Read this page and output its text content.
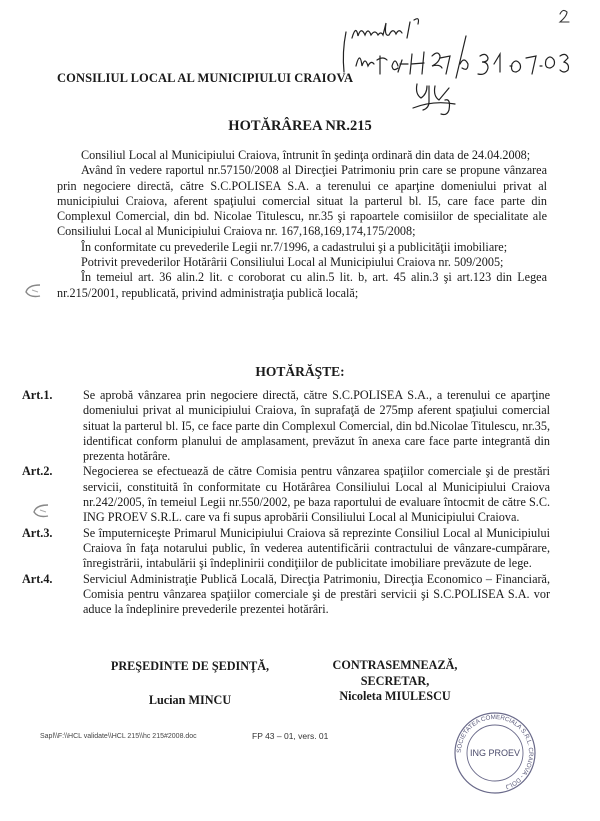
CONSILIUL LOCAL AL MUNICIPIULUI CRAIOVA
HOTĂRÂREA NR.215

Consiliul Local al Municipiului Craiova, întrunit în şedinţa ordinară din data de 24.04.2008;

Având în vedere raportul nr.57150/2008 al Direcţiei Patrimoniu prin care se propune vânzarea prin negociere directă, către S.C.POLISEA S.A. a terenului ce aparţine domeniului privat al municipiului Craiova, aferent spaţiului comercial situat la parterul bl. I5, care face parte din Complexul Comercial, din bd. Nicolae Titulescu, nr.35 şi rapoartele comisiilor de specialitate ale Consiliului Local al Municipiului Craiova nr. 167,168,169,174,175/2008;

În conformitate cu prevederile Legii nr.7/1996, a cadastrului şi a publicităţii imobiliare;

Potrivit prevederilor Hotărârii Consiliului Local al Municipiului Craiova nr. 509/2005;

În temeiul art. 36 alin.2 lit. c coroborat cu alin.5 lit. b, art. 45 alin.3 şi art.123 din Legea nr.215/2001, republicată, privind administraţia publică locală;

HOTĂRĂŞTE:

Art.1.	Se aprobă vânzarea prin negociere directă, către S.C.POLISEA S.A., a terenului ce aparţine domeniului privat al municipiului Craiova, în suprafaţă de 275mp aferent spaţiului comercial situat la parterul bl. I5, ce face parte din Complexul Comercial, din bd.Nicolae Titulescu, nr.35, identificat conform planului de amplasament, prevăzut în anexa care face parte integrantă din prezenta hotărâre.

Art.2.	Negocierea se efectuează de către Comisia pentru vânzarea spaţiilor comerciale şi de prestări servicii, constituită în conformitate cu Hotărârea Consiliului Local al Municipiului Craiova nr.242/2005, în temeiul Legii nr.550/2002, pe baza raportului de evaluare întocmit de către S.C. ING PROEV S.R.L. care va fi supus aprobării Consiliului Local al Municipiului Craiova.

Art.3.	Se împuterniceşte Primarul Municipiului Craiova să reprezinte Consiliul Local al Municipiului Craiova în faţa notarului public, în vederea autentificării contractului de vânzare-cumpărare, înregistrării, intabulării şi îndeplinirii condiţiilor de publicitate imobiliare prevăzute de lege.

Art.4.	Serviciul Administraţie Publică Locală, Direcţia Patrimoniu, Direcţia Economico – Financiară, Comisia pentru vânzarea spaţiilor comerciale şi de prestări servicii şi S.C.POLISEA S.A. vor aduce la îndeplinire prevederile prezentei hotărâri.

PREŞEDINTE DE ŞEDINŢĂ,
Lucian MINCU
CONTRASEMNEAZĂ,
SECRETAR,
Nicoleta MIULESCU
Sapl\\F:\\HCL validate\\HCL 215\\hc 215#2008.doc	FP 43 – 01, vers. 01
SOCIETATEA COMERCIALA S.R.L. CRAIOVA - DOLJ
ING PROEV
